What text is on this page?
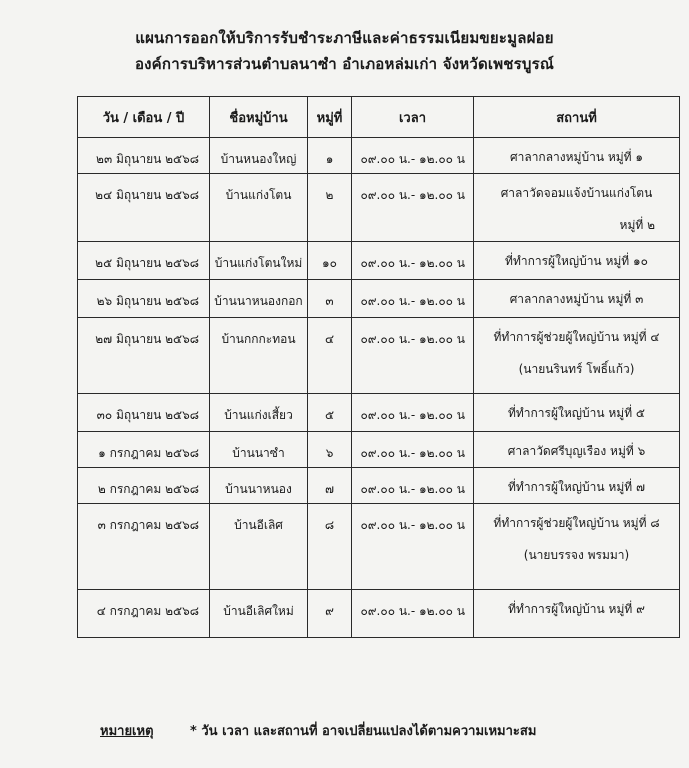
แผนการออกให้บริการรับชำระภาษีและค่าธรรมเนียมขยะมูลฝอย
องค์การบริหารส่วนตำบลนาซำ อำเภอหล่มเก่า จังหวัดเพชรบูรณ์
วัน / เดือน / ปี	ชื่อหมู่บ้าน	หมู่ที่	เวลา	สถานที่
๒๓ มิถุนายน ๒๕๖๘	บ้านหนองใหญ่	๑	๐๙.๐๐ น.- ๑๒.๐๐ น	ศาลากลางหมู่บ้าน หมู่ที่ ๑

๒๔ มิถุนายน ๒๕๖๘	บ้านแก่งโตน	๒	๐๙.๐๐ น.- ๑๒.๐๐ น	ศาลาวัดจอมแจ้งบ้านแก่งโตน
หมู่ที่ ๒

๒๕ มิถุนายน ๒๕๖๘	บ้านแก่งโตนใหม่	๑๐	๐๙.๐๐ น.- ๑๒.๐๐ น	ที่ทำการผู้ใหญ่บ้าน หมู่ที่ ๑๐

๒๖ มิถุนายน ๒๕๖๘	บ้านนาหนองกอก	๓	๐๙.๐๐ น.- ๑๒.๐๐ น	ศาลากลางหมู่บ้าน หมู่ที่ ๓

๒๗ มิถุนายน ๒๕๖๘	บ้านกกกะทอน	๔	๐๙.๐๐ น.- ๑๒.๐๐ น	ที่ทำการผู้ช่วยผู้ใหญ่บ้าน หมู่ที่ ๔
(นายนรินทร์ โพธิ์แก้ว)

๓๐ มิถุนายน ๒๕๖๘	บ้านแก่งเสี้ยว	๕	๐๙.๐๐ น.- ๑๒.๐๐ น	ที่ทำการผู้ใหญ่บ้าน หมู่ที่ ๕

๑ กรกฎาคม ๒๕๖๘	บ้านนาซำ	๖	๐๙.๐๐ น.- ๑๒.๐๐ น	ศาลาวัดศรีบุญเรือง หมู่ที่ ๖

๒ กรกฎาคม ๒๕๖๘	บ้านนาหนอง	๗	๐๙.๐๐ น.- ๑๒.๐๐ น	ที่ทำการผู้ใหญ่บ้าน หมู่ที่ ๗

๓ กรกฎาคม ๒๕๖๘	บ้านอีเลิศ	๘	๐๙.๐๐ น.- ๑๒.๐๐ น	ที่ทำการผู้ช่วยผู้ใหญ่บ้าน หมู่ที่ ๘
(นายบรรจง พรมมา)

๔ กรกฎาคม ๒๕๖๘	บ้านอีเลิศใหม่	๙	๐๙.๐๐ น.- ๑๒.๐๐ น	ที่ทำการผู้ใหญ่บ้าน หมู่ที่ ๙
หมายเหตุ	* วัน เวลา และสถานที่ อาจเปลี่ยนแปลงได้ตามความเหมาะสม
